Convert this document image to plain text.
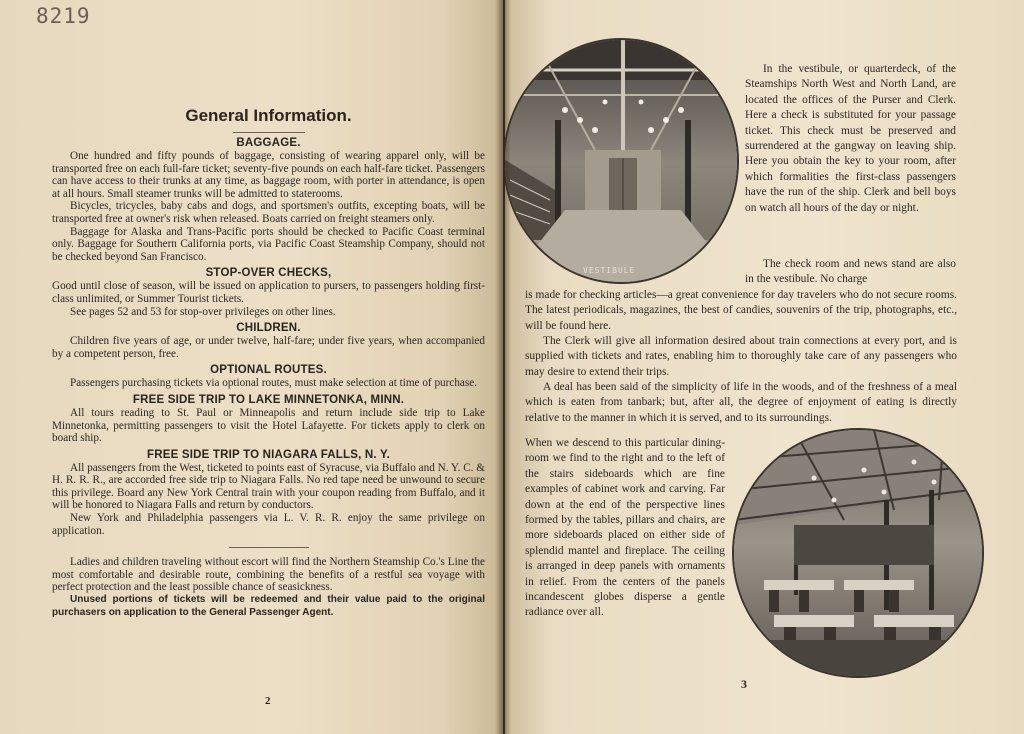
8219
General Information.
BAGGAGE.

One hundred and fifty pounds of baggage, consisting of wearing apparel only, will be transported free on each full-fare ticket; seventy-five pounds on each half-fare ticket. Passengers can have access to their trunks at any time, as baggage room, with porter in attendance, is open at all hours. Small steamer trunks will be admitted to staterooms.

Bicycles, tricycles, baby cabs and dogs, and sportsmen's outfits, excepting boats, will be transported free at owner's risk when released. Boats carried on freight steamers only.

Baggage for Alaska and Trans-Pacific ports should be checked to Pacific Coast terminal only. Baggage for Southern California ports, via Pacific Coast Steamship Company, should not be checked beyond San Francisco.

STOP-OVER CHECKS,

Good until close of season, will be issued on application to pursers, to passengers holding first-class unlimited, or Summer Tourist tickets.

See pages 52 and 53 for stop-over privileges on other lines.

CHILDREN.

Children five years of age, or under twelve, half-fare; under five years, when accompanied by a competent person, free.

OPTIONAL ROUTES.

Passengers purchasing tickets via optional routes, must make selection at time of purchase.

FREE SIDE TRIP TO LAKE MINNETONKA, MINN.

All tours reading to St. Paul or Minneapolis and return include side trip to Lake Minnetonka, permitting passengers to visit the Hotel Lafayette. For tickets apply to clerk on board ship.

FREE SIDE TRIP TO NIAGARA FALLS, N. Y.

All passengers from the West, ticketed to points east of Syracuse, via Buffalo and N. Y. C. & H. R. R. R., are accorded free side trip to Niagara Falls. No red tape need be unwound to secure this privilege. Board any New York Central train with your coupon reading from Buffalo, and it will be honored to Niagara Falls and return by conductors.

New York and Philadelphia passengers via L. V. R. R. enjoy the same privilege on application.

Ladies and children traveling without escort will find the Northern Steamship Co.'s Line the most comfortable and desirable route, combining the benefits of a restful sea voyage with perfect protection and the least possible chance of seasickness.

Unused portions of tickets will be redeemed and their value paid to the original purchasers on application to the General Passenger Agent.

2
VESTIBULE

In the vestibule, or quarterdeck, of the Steamships North West and North Land, are located the offices of the Purser and Clerk. Here a check is substituted for your passage ticket. This check must be preserved and surrendered at the gangway on leaving ship. Here you obtain the key to your room, after which formalities the first-class passengers have the run of the ship. Clerk and bell boys on watch all hours of the day or night.

The check room and news stand are also in the vestibule. No charge

is made for checking articles—a great convenience for day travelers who do not secure rooms. The latest periodicals, magazines, the best of candies, souvenirs of the trip, photographs, etc., will be found here.

The Clerk will give all information desired about train connections at every port, and is supplied with tickets and rates, enabling him to thoroughly take care of any passengers who may desire to extend their trips.

A deal has been said of the simplicity of life in the woods, and of the freshness of a meal which is eaten from tanbark; but, after all, the degree of enjoyment of eating is directly relative to the manner in which it is served, and to its surroundings.

When we descend to this particular dining-room we find to the right and to the left of the stairs sideboards which are fine examples of cabinet work and carving. Far down at the end of the perspective lines formed by the tables, pillars and chairs, are more sideboards placed on either side of splendid mantel and fireplace. The ceiling is arranged in deep panels with ornaments in relief. From the centers of the panels incandescent globes disperse a gentle radiance over all.

3
